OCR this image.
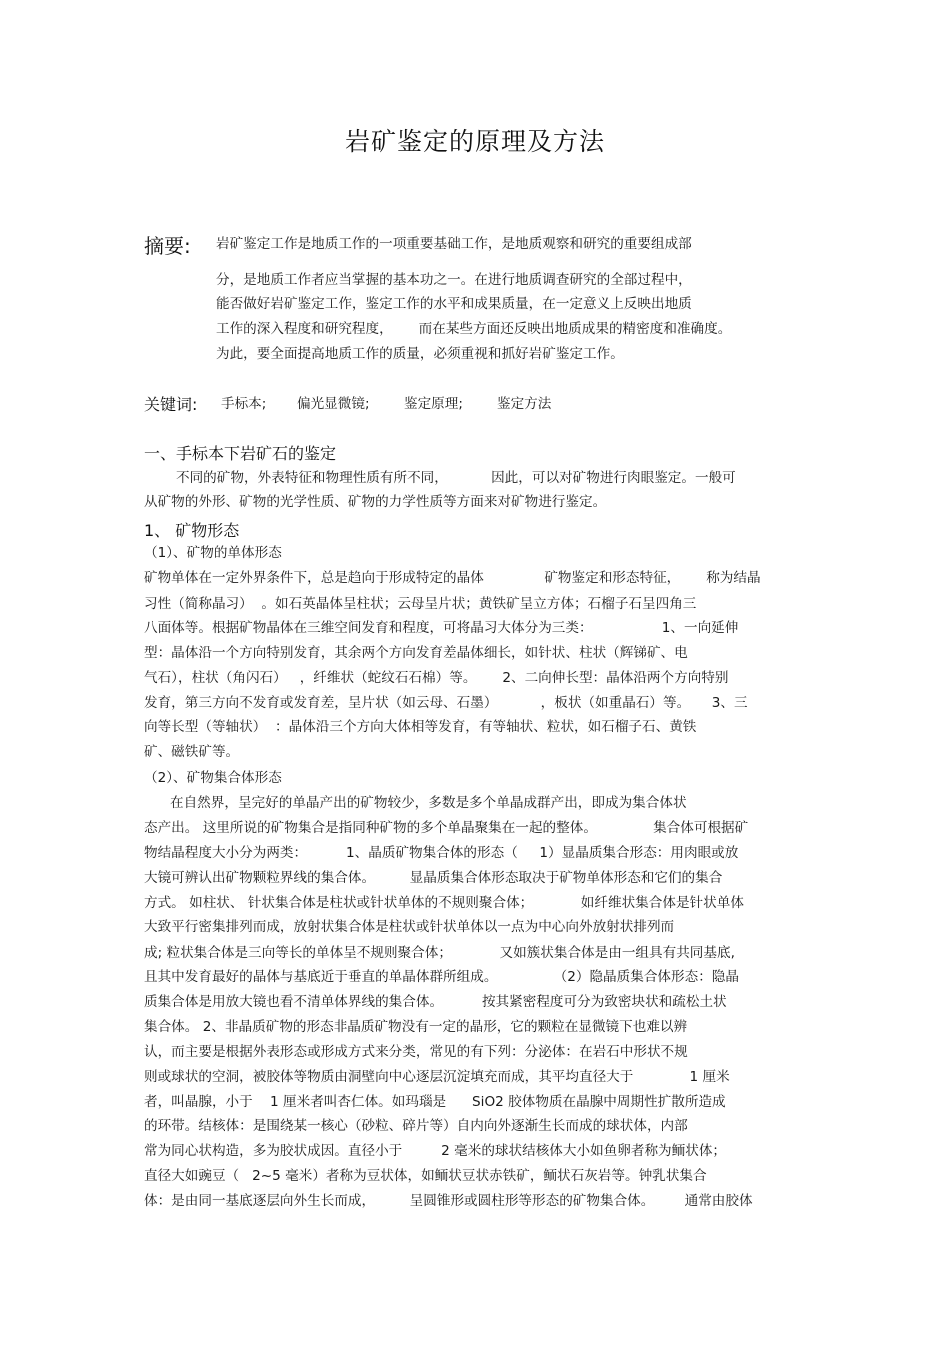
岩矿鉴定的原理及方法
摘要: 岩矿鉴定工作是地质工作的一项重要基础工作，是地质观察和研究的重要组成部
分，是地质工作者应当掌握的基本功之一。在进行地质调查研究的全部过程中，
能否做好岩矿鉴定工作，鉴定工作的水平和成果质量，在一定意义上反映出地质
工作的深入程度和研究程度，      而在某些方面还反映出地质成果的精密度和准确度。
为此，要全面提高地质工作的质量，必须重视和抓好岩矿鉴定工作。
关键词: 手标本; 偏光显微镜;	鉴定原理;	鉴定方法
一、手标本下岩矿石的鉴定
不同的矿物，外表特征和物理性质有所不同，          因此，可以对矿物进行肉眼鉴定。一般可
从矿物的外形、矿物的光学性质、矿物的力学性质等方面来对矿物进行鉴定。
1、 矿物形态
（1）、矿物的单体形态
矿物单体在一定外界条件下，总是趋向于形成特定的晶体              矿物鉴定和形态特征，      称为结晶
习性（简称晶习）  。如石英晶体呈柱状；云母呈片状；黄铁矿呈立方体；石榴子石呈四角三
八面体等。根据矿物晶体在三维空间发育和程度，可将晶习大体分为三类：                1、一向延伸
型：晶体沿一个方向特别发育，其余两个方向发育差晶体细长，如针状、柱状（辉锑矿、电
气石），柱状（角闪石）   ，纤维状（蛇纹石石棉）等。      2、二向伸长型：晶体沿两个方向特别
发育，第三方向不发育或发育差，呈片状（如云母、石墨）          ，板状（如重晶石）等。     3、三
向等长型（等轴状）  ：晶体沿三个方向大体相等发育，有等轴状、粒状，如石榴子石、黄铁
矿、磁铁矿等。
（2）、矿物集合体形态
在自然界，呈完好的单晶产出的矿物较少，多数是多个单晶成群产出，即成为集合体状
态产出。 这里所说的矿物集合是指同种矿物的多个单晶聚集在一起的整体。             集合体可根据矿
物结晶程度大小分为两类：         1、晶质矿物集合体的形态（     1）显晶质集合形态：用肉眼或放
大镜可辨认出矿物颗粒界线的集合体。        显晶质集合体形态取决于矿物单体形态和它们的集合
方式。 如柱状、 针状集合体是柱状或针状单体的不规则聚合体；           如纤维状集合体是针状单体
大致平行密集排列而成，放射状集合体是柱状或针状单体以一点为中心向外放射状排列而
成; 粒状集合体是三向等长的单体呈不规则聚合体；           又如簇状集合体是由一组具有共同基底,
且其中发育最好的晶体与基底近于垂直的单晶体群所组成。             （2）隐晶质集合体形态：隐晶
质集合体是用放大镜也看不清单体界线的集合体。         按其紧密程度可分为致密块状和疏松土状
集合体。 2、非晶质矿物的形态非晶质矿物没有一定的晶形，它的颗粒在显微镜下也难以辨
认，而主要是根据外表形态或形成方式来分类，常见的有下列：分泌体：在岩石中形状不规
则或球状的空洞，被胶体等物质由洞壁向中心逐层沉淀填充而成，其平均直径大于             1 厘米
者，叫晶腺，小于    1 厘米者叫杏仁体。如玛瑙是      SiO2 胶体物质在晶腺中周期性扩散所造成
的环带。结核体：是围绕某一核心（砂粒、碎片等）自内向外逐渐生长而成的球状体，内部
常为同心状构造，多为胶状成因。直径小于         2 毫米的球状结核体大小如鱼卵者称为鲕状体；
直径大如豌豆（   2~5 毫米）者称为豆状体，如鲕状豆状赤铁矿，鲕状石灰岩等。钟乳状集合
体：是由同一基底逐层向外生长而成，        呈圆锥形或圆柱形等形态的矿物集合体。       通常由胶体
